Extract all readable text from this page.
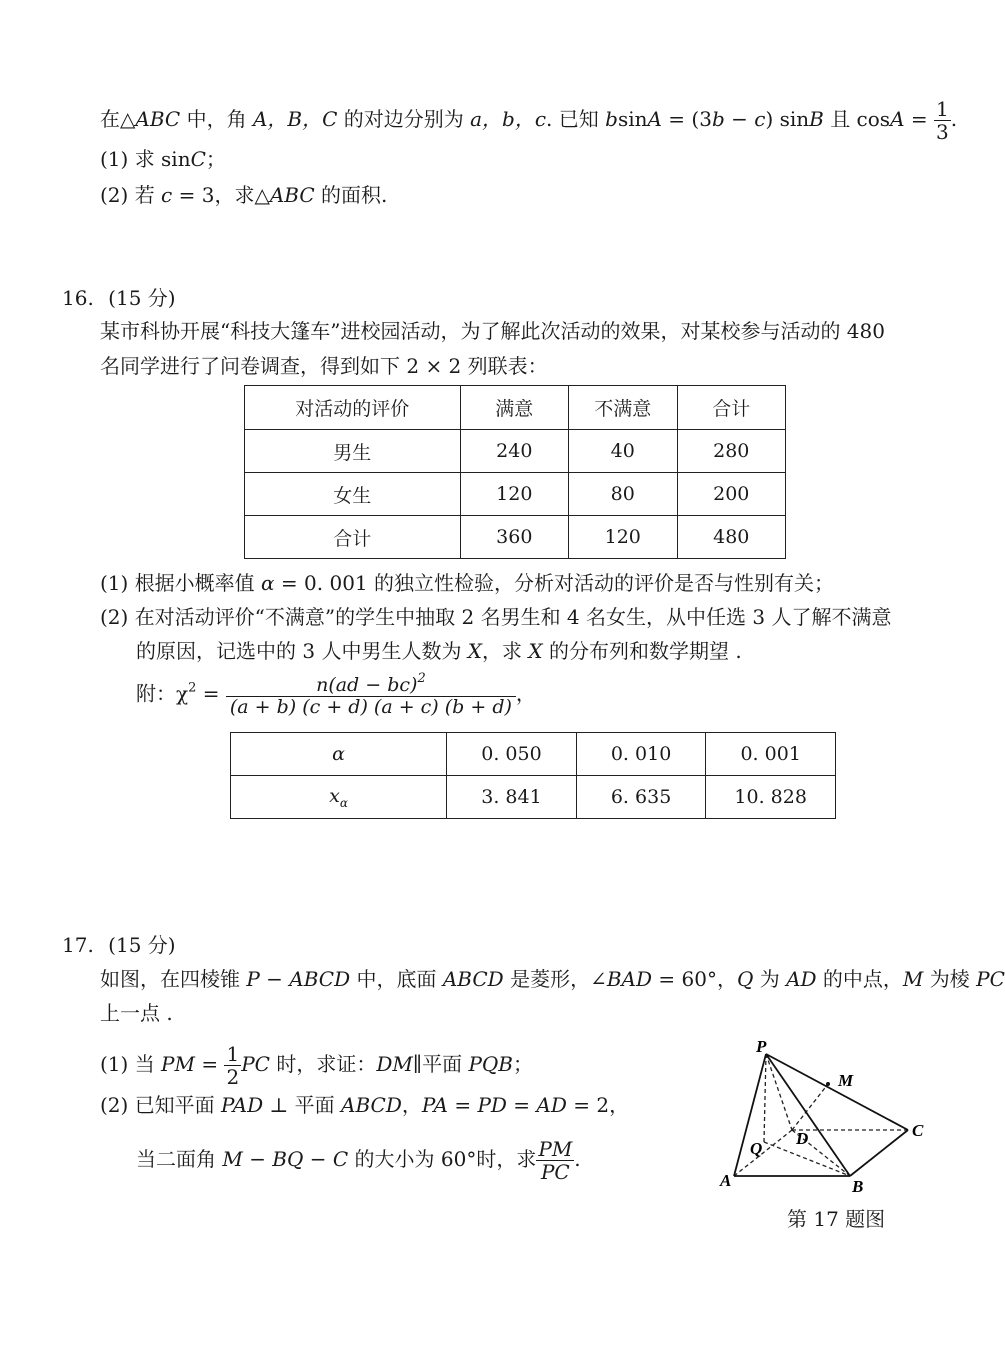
在△ABC 中，角 A，B，C 的对边分别为 a，b，c. 已知 bsinA = (3b − c) sinB 且 $\cos A = \frac{1}{3}$ .
(1) 求 sinC；
(2) 若 c = 3，求△ABC 的面积.
16. (15 分)
某市科协开展“科技大篷车”进校园活动，为了解此次活动的效果，对某校参与活动的 480
名同学进行了问卷调查，得到如下 2 × 2 列联表：
对活动的评价	满意	不满意	合计
男生	240	40	280
女生	120	80	200
合计	360	120	480
(1) 根据小概率值 α = 0. 001 的独立性检验，分析对活动的评价是否与性别有关；
(2) 在对活动评价“不满意”的学生中抽取 2 名男生和 4 名女生，从中任选 3 人了解不满意
的原因，记选中的 3 人中男生人数为 X，求 X 的分布列和数学期望 .
附：$\chi^2 = \frac{n(ad - bc)^2}{(a + b) (c + d) (a + c) (b + d)}$ ，
α	0. 050	0. 010	0. 001
$x_\alpha$	3. 841	6. 635	10. 828
17. (15 分)
如图，在四棱锥 P − ABCD 中，底面 ABCD 是菱形，∠BAD = 60°，Q 为 AD 的中点，M 为棱 PC
上一点 .
(1) 当 PM = $\frac{1}{2}$ PC 时，求证：DM∥平面 PQB；
(2) 已知平面 PAD ⊥ 平面 ABCD，PA = PD = AD = 2，
当二面角 M − BQ − C 的大小为 60°时，求 $\frac{PM}{PC}$ .
P
M
D	C
Q
A	B
第 17 题图
